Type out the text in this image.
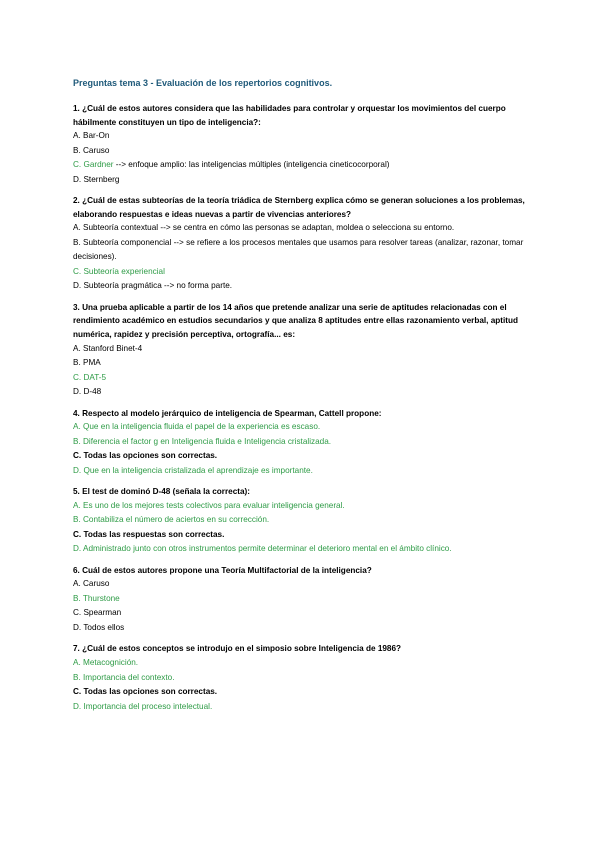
Preguntas tema 3 - Evaluación de los repertorios cognitivos.

1. ¿Cuál de estos autores considera que las habilidades para controlar y orquestar los movimientos del cuerpo hábilmente constituyen un tipo de inteligencia?:

A. Bar-On

B. Caruso

C. Gardner --> enfoque amplio: las inteligencias múltiples (inteligencia cineticocorporal)

D. Sternberg

2. ¿Cuál de estas subteorías de la teoría triádica de Sternberg explica cómo se generan soluciones a los problemas, elaborando respuestas e ideas nuevas a partir de vivencias anteriores?

A. Subteoría contextual --> se centra en cómo las personas se adaptan, moldea o selecciona su entorno.

B. Subteoría componencial --> se refiere a los procesos mentales que usamos para resolver tareas (analizar, razonar, tomar decisiones).

C. Subteoría experiencial

D. Subteoría pragmática --> no forma parte.

3. Una prueba aplicable a partir de los 14 años que pretende analizar una serie de aptitudes relacionadas con el rendimiento académico en estudios secundarios y que analiza 8 aptitudes entre ellas razonamiento verbal, aptitud numérica, rapidez y precisión perceptiva, ortografía... es:

A. Stanford Binet-4

B. PMA

C. DAT-5

D. D-48

4. Respecto al modelo jerárquico de inteligencia de Spearman, Cattell propone:

A. Que en la inteligencia fluida el papel de la experiencia es escaso.

B. Diferencia el factor g en Inteligencia fluida e Inteligencia cristalizada.

C. Todas las opciones son correctas.

D. Que en la inteligencia cristalizada el aprendizaje es importante.

5. El test de dominó D-48 (señala la correcta):

A. Es uno de los mejores tests colectivos para evaluar inteligencia general.

B. Contabiliza el número de aciertos en su corrección.

C. Todas las respuestas son correctas.

D. Administrado junto con otros instrumentos permite determinar el deterioro mental en el ámbito clínico.

6. Cuál de estos autores propone una Teoría Multifactorial de la inteligencia?

A. Caruso

B. Thurstone

C. Spearman

D. Todos ellos

7. ¿Cuál de estos conceptos se introdujo en el simposio sobre Inteligencia de 1986?

A. Metacognición.

B. Importancia del contexto.

C. Todas las opciones son correctas.

D. Importancia del proceso intelectual.
